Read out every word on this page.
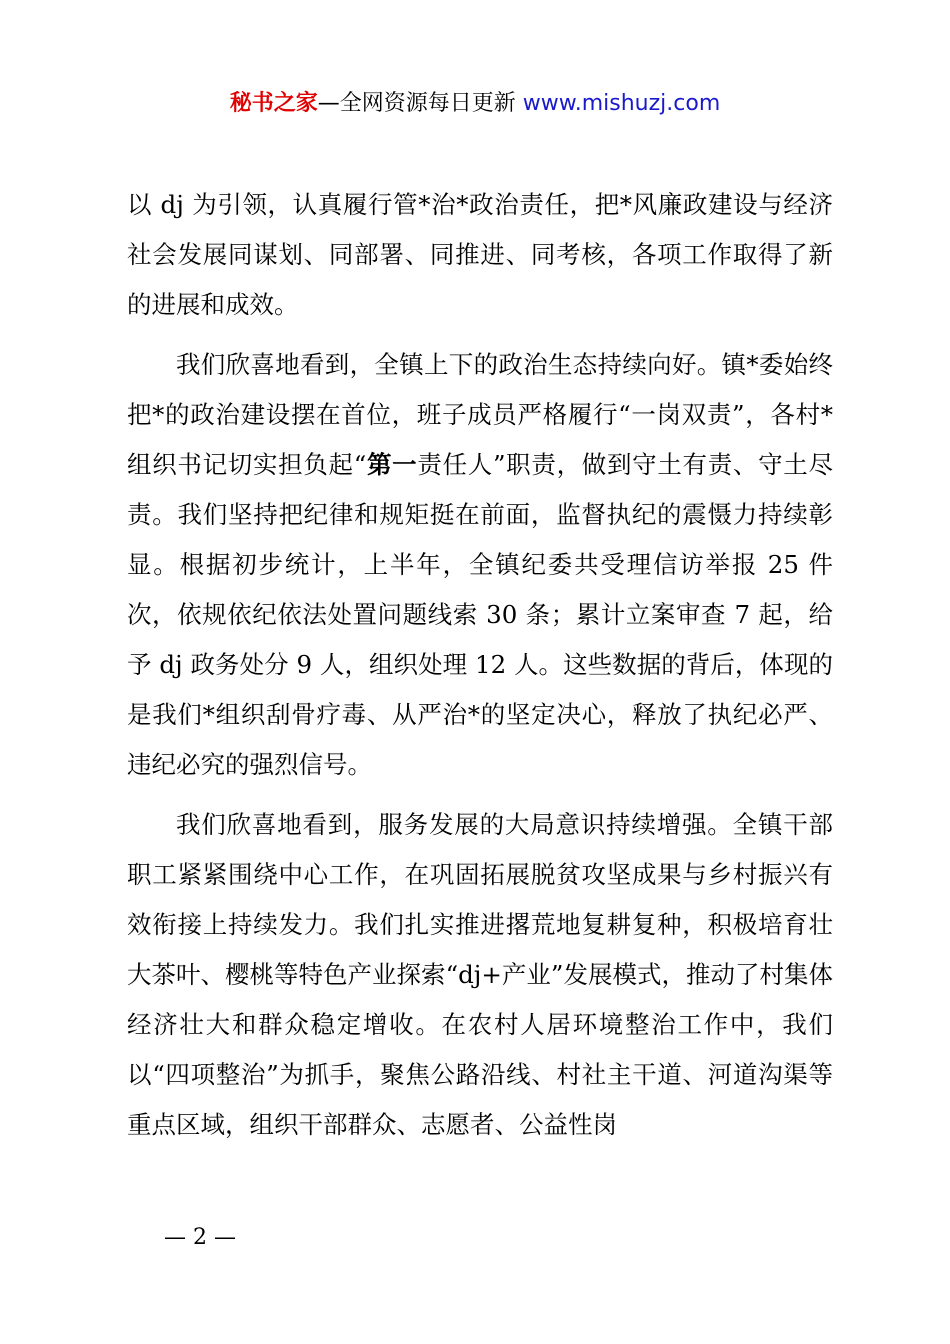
秘书之家—全网资源每日更新 www.mishuzj.com

以 dj 为引领，认真履行管*治*政治责任，把*风廉政建设与经济社会发展同谋划、同部署、同推进、同考核，各项工作取得了新的进展和成效。

我们欣喜地看到，全镇上下的政治生态持续向好。镇*委始终把*的政治建设摆在首位，班子成员严格履行“一岗双责”，各村*组织书记切实担负起“第一责任人”职责，做到守土有责、守土尽责。我们坚持把纪律和规矩挺在前面，监督执纪的震慑力持续彰显。根据初步统计，上半年，全镇纪委共受理信访举报 25 件次，依规依纪依法处置问题线索 30 条；累计立案审查 7 起，给予 dj 政务处分 9 人，组织处理 12 人。这些数据的背后，体现的是我们*组织刮骨疗毒、从严治*的坚定决心，释放了执纪必严、违纪必究的强烈信号。

我们欣喜地看到，服务发展的大局意识持续增强。全镇干部职工紧紧围绕中心工作，在巩固拓展脱贫攻坚成果与乡村振兴有效衔接上持续发力。我们扎实推进撂荒地复耕复种，积极培育壮大茶叶、樱桃等特色产业探索“dj+产业”发展模式，推动了村集体经济壮大和群众稳定增收。在农村人居环境整治工作中，我们以“四项整治”为抓手，聚焦公路沿线、村社主干道、河道沟渠等重点区域，组织干部群众、志愿者、公益性岗

— 2 —
